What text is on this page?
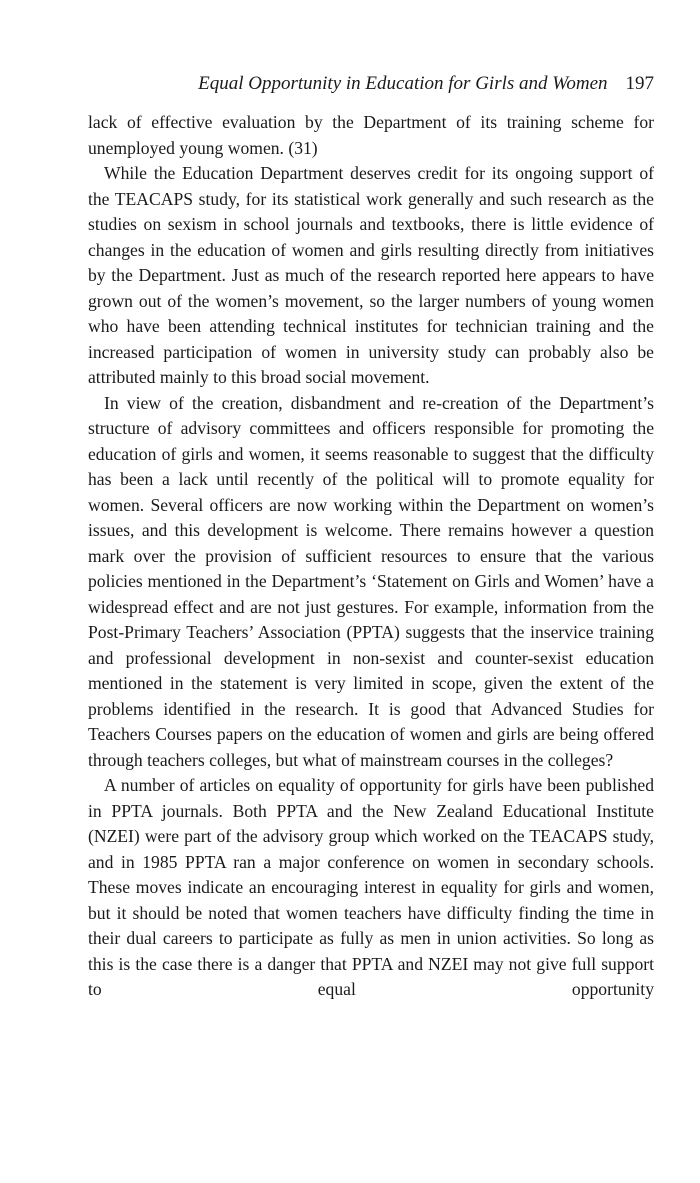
Equal Opportunity in Education for Girls and Women 197

lack of effective evaluation by the Department of its training scheme for unemployed young women. (31)

While the Education Department deserves credit for its ongoing support of the TEACAPS study, for its statistical work generally and such research as the studies on sexism in school journals and textbooks, there is little evidence of changes in the education of women and girls resulting directly from initiatives by the Department. Just as much of the research reported here appears to have grown out of the women’s movement, so the larger numbers of young women who have been attending technical institutes for technician training and the increased participation of women in university study can probably also be attributed mainly to this broad social movement.

In view of the creation, disbandment and re-creation of the Department’s structure of advisory committees and officers responsible for promoting the education of girls and women, it seems reasonable to suggest that the difficulty has been a lack until recently of the political will to promote equality for women. Several officers are now working within the Department on women’s issues, and this development is welcome. There remains however a question mark over the provision of sufficient resources to ensure that the various policies mentioned in the Department’s ‘Statement on Girls and Women’ have a widespread effect and are not just gestures. For example, information from the Post-Primary Teachers’ Association (PPTA) suggests that the inservice training and professional development in non-sexist and counter-sexist education mentioned in the statement is very limited in scope, given the extent of the problems identified in the research. It is good that Advanced Studies for Teachers Courses papers on the education of women and girls are being offered through teachers colleges, but what of mainstream courses in the colleges?

A number of articles on equality of opportunity for girls have been published in PPTA journals. Both PPTA and the New Zealand Educational Institute (NZEI) were part of the advisory group which worked on the TEACAPS study, and in 1985 PPTA ran a major conference on women in secondary schools. These moves indicate an encouraging interest in equality for girls and women, but it should be noted that women teachers have difficulty finding the time in their dual careers to participate as fully as men in union activities. So long as this is the case there is a danger that PPTA and NZEI may not give full support to equal opportunity
